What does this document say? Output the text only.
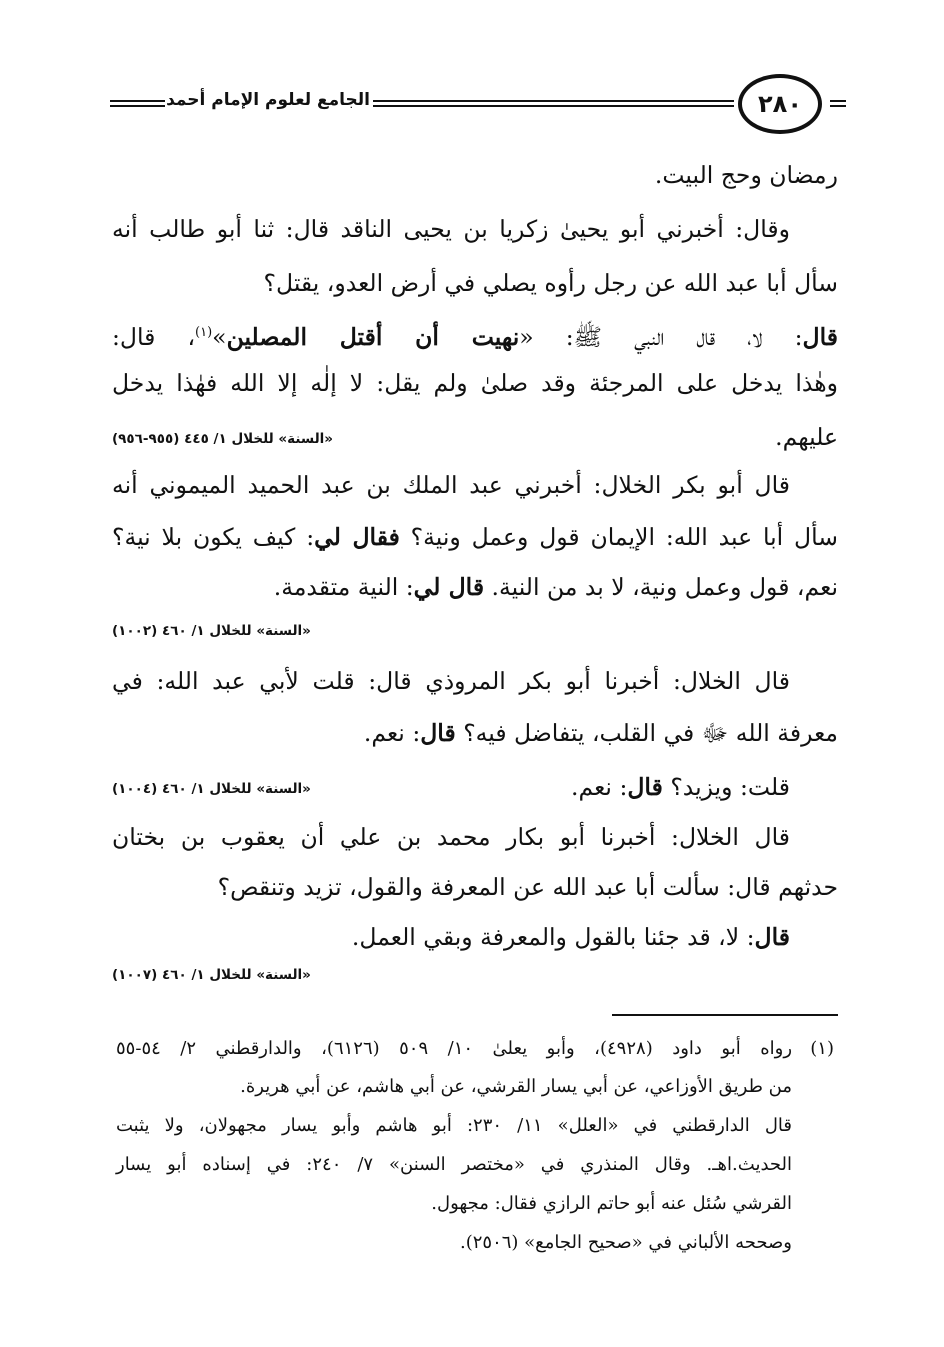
الجامع لعلوم الإمام أحمد	٢٨٠
رمضان وحج البيت.
وقال: أخبرني أبو يحيىٰ زكريا بن يحيى الناقد قال: ثنا أبو طالب أنه
سأل أبا عبد الله عن رجل رأوه يصلي في أرض العدو، يقتل؟
قال: لا، قال النبي ﷺ: «نهيت أن أقتل المصلين»$^{(١)}$، قال:
وهٰذا يدخل على المرجئة وقد صلىٰ ولم يقل: لا إلٰه إلا الله فهٰذا يدخل
عليهم.
«السنة» للخلال ١/ ٤٤٥ (٩٥٥-٩٥٦)
قال أبو بكر الخلال: أخبرني عبد الملك بن عبد الحميد الميموني أنه
سأل أبا عبد الله: الإيمان قول وعمل ونية؟ فقال لي: كيف يكون بلا نية؟
نعم، قول وعمل ونية، لا بد من النية. قال لي: النية متقدمة.
قال الخلال: أخبرنا أبو بكر المروذي قال: قلت لأبي عبد الله: في
معرفة الله ﷻ في القلب، يتفاضل فيه؟ قال: نعم.
قلت: ويزيد؟ قال: نعم.
«السنة» للخلال ١/ ٤٦٠ (١٠٠٤)
قال الخلال: أخبرنا أبو بكار محمد بن علي أن يعقوب بن بختان
حدثهم قال: سألت أبا عبد الله عن المعرفة والقول، تزيد وتنقص؟
قال: لا، قد جئنا بالقول والمعرفة وبقي العمل.
«السنة» للخلال ١/ ٤٦٠ (١٠٠٢)
«السنة» للخلال ١/ ٤٦٠ (١٠٠٧)
(١)
رواه أبو داود (٤٩٢٨)، وأبو يعلىٰ ١٠/ ٥٠٩ (٦١٢٦)، والدارقطني ٢/ ٥٤-٥٥
من طريق الأوزاعي، عن أبي يسار القرشي، عن أبي هاشم، عن أبي هريرة.
قال الدارقطني في «العلل» ١١/ ٢٣٠: أبو هاشم وأبو يسار مجهولان، ولا يثبت
الحديث.اهـ. وقال المنذري في «مختصر السنن» ٧/ ٢٤٠: في إسناده أبو يسار
القرشي سُئل عنه أبو حاتم الرازي فقال: مجهول.
وصححه الألباني في «صحيح الجامع» (٢٥٠٦).
